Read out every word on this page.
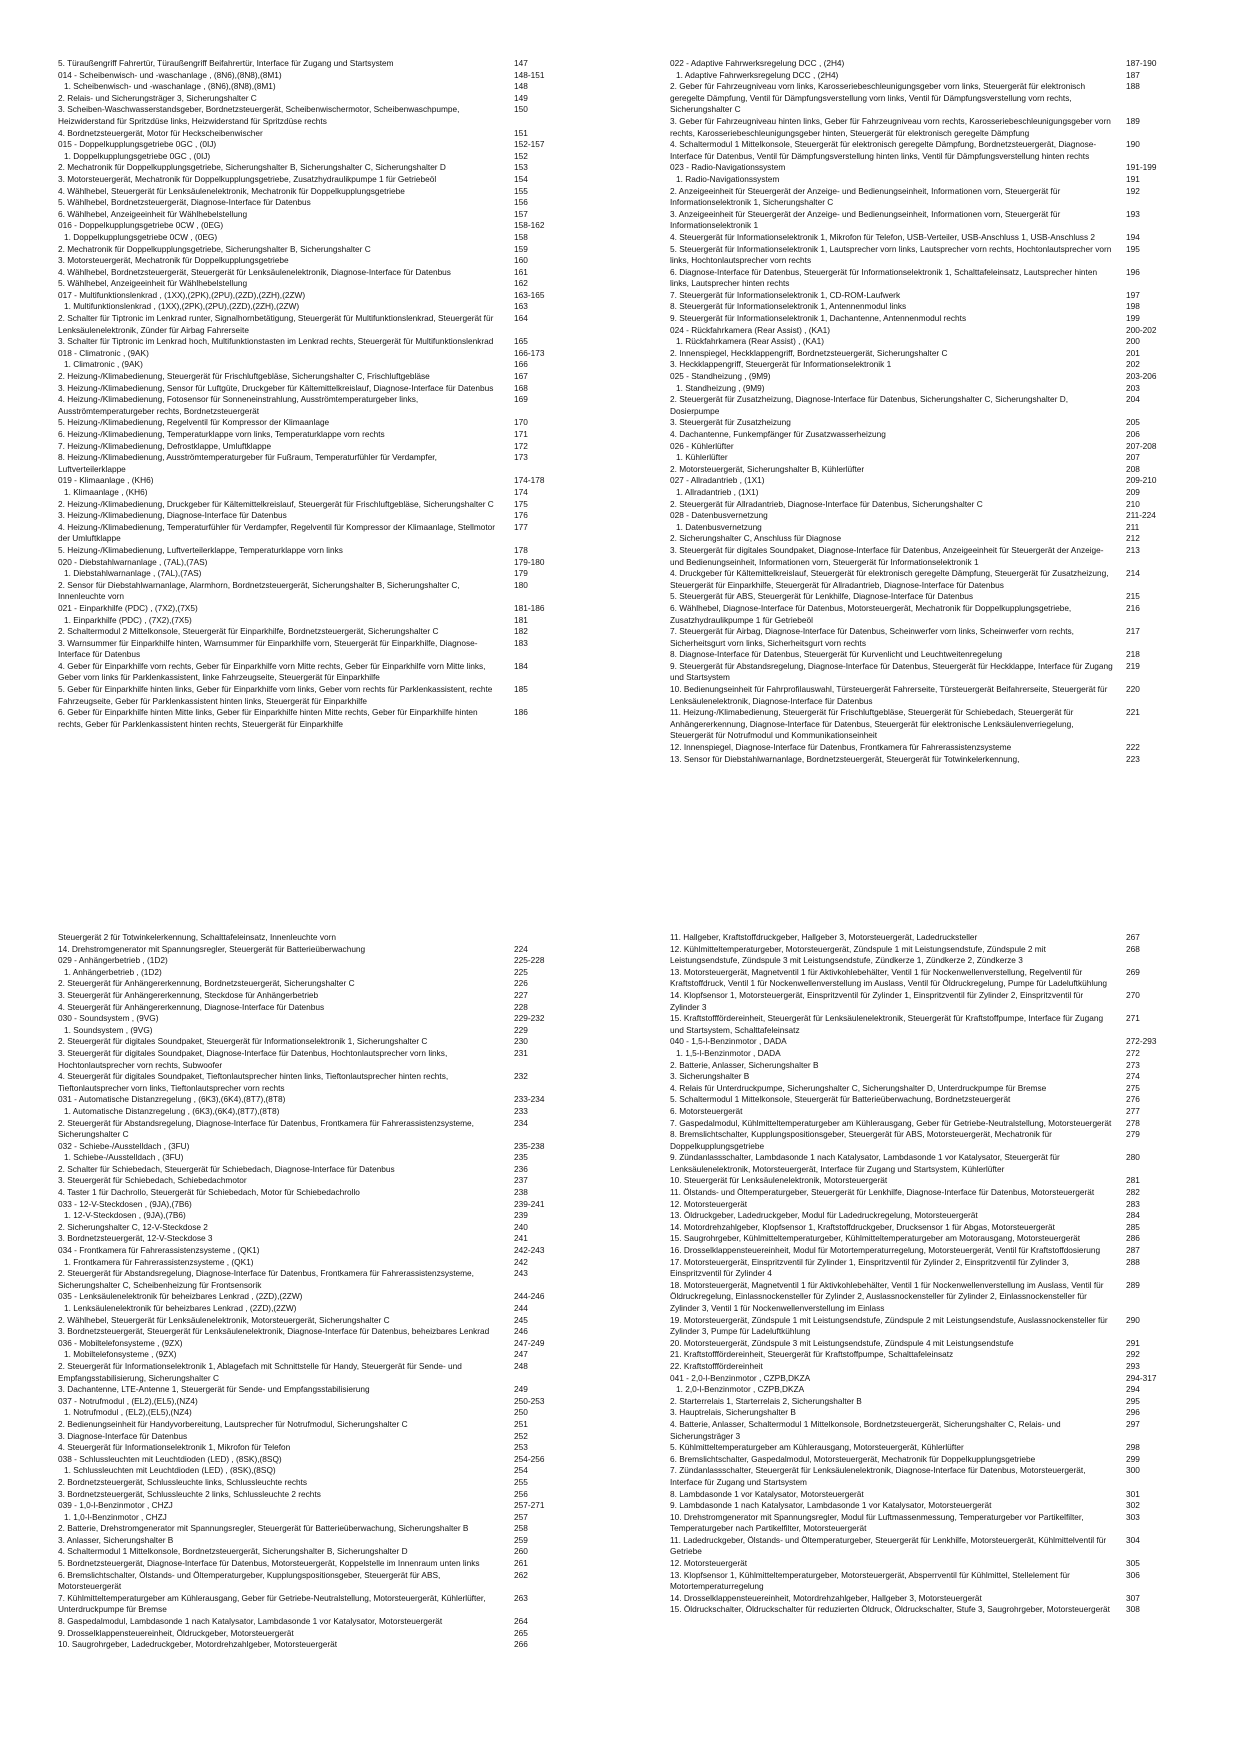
5. Türaußengriff Fahrertür, Türaußengriff Beifahrertür, Interface für Zugang und Startsystem	147
014 - Scheibenwisch- und -waschanlage , (8N6),(8N8),(8M1)	148-151
1. Scheibenwisch- und -waschanlage , (8N6),(8N8),(8M1)	148
2. Relais- und Sicherungsträger 3, Sicherungshalter C	149
3. Scheiben-Waschwasserstandsgeber, Bordnetzsteuergerät, Scheibenwischermotor, Scheibenwaschpumpe, Heizwiderstand für Spritzdüse links, Heizwiderstand für Spritzdüse rechts
150
4. Bordnetzsteuergerät, Motor für Heckscheibenwischer	151
015 - Doppelkupplungsgetriebe 0GC , (0IJ)	152-157
1. Doppelkupplungsgetriebe 0GC , (0IJ)	152
2. Mechatronik für Doppelkupplungsgetriebe, Sicherungshalter B, Sicherungshalter C, Sicherungshalter D	153
3. Motorsteuergerät, Mechatronik für Doppelkupplungsgetriebe, Zusatzhydraulikpumpe 1 für Getriebeöl	154
4. Wählhebel, Steuergerät für Lenksäulenelektronik, Mechatronik für Doppelkupplungsgetriebe	155
5. Wählhebel, Bordnetzsteuergerät, Diagnose-Interface für Datenbus	156
6. Wählhebel, Anzeigeeinheit für Wählhebelstellung	157
016 - Doppelkupplungsgetriebe 0CW , (0EG)	158-162
1. Doppelkupplungsgetriebe 0CW , (0EG)	158
2. Mechatronik für Doppelkupplungsgetriebe, Sicherungshalter B, Sicherungshalter C	159
3. Motorsteuergerät, Mechatronik für Doppelkupplungsgetriebe	160
4. Wählhebel, Bordnetzsteuergerät, Steuergerät für Lenksäulenelektronik, Diagnose-Interface für Datenbus	161
5. Wählhebel, Anzeigeeinheit für Wählhebelstellung	162
017 - Multifunktionslenkrad , (1XX),(2PK),(2PU),(2ZD),(2ZH),(2ZW)	163-165
1. Multifunktionslenkrad , (1XX),(2PK),(2PU),(2ZD),(2ZH),(2ZW)	163
2. Schalter für Tiptronic im Lenkrad runter, Signalhornbetätigung, Steuergerät für Multifunktionslenkrad, Steuergerät für Lenksäulenelektronik, Zünder für Airbag Fahrerseite
164
3. Schalter für Tiptronic im Lenkrad hoch, Multifunktionstasten im Lenkrad rechts, Steuergerät für Multifunktionslenkrad	165
018 - Climatronic , (9AK)	166-173
1. Climatronic , (9AK)	166
2. Heizung-/Klimabedienung, Steuergerät für Frischluftgebläse, Sicherungshalter C, Frischluftgebläse	167
3. Heizung-/Klimabedienung, Sensor für Luftgüte, Druckgeber für Kältemittelkreislauf, Diagnose-Interface für Datenbus	168
4. Heizung-/Klimabedienung, Fotosensor für Sonneneinstrahlung, Ausströmtemperaturgeber links, Ausströmtemperaturgeber rechts, Bordnetzsteuergerät
169
5. Heizung-/Klimabedienung, Regelventil für Kompressor der Klimaanlage	170
6. Heizung-/Klimabedienung, Temperaturklappe vorn links, Temperaturklappe vorn rechts	171
7. Heizung-/Klimabedienung, Defrostklappe, Umluftklappe	172
8. Heizung-/Klimabedienung, Ausströmtemperaturgeber für Fußraum, Temperaturfühler für Verdampfer, Luftverteilerklappe
173
019 - Klimaanlage , (KH6)	174-178
1. Klimaanlage , (KH6)	174
2. Heizung-/Klimabedienung, Druckgeber für Kältemittelkreislauf, Steuergerät für Frischluftgebläse, Sicherungshalter C	175
3. Heizung-/Klimabedienung, Diagnose-Interface für Datenbus	176
4. Heizung-/Klimabedienung, Temperaturfühler für Verdampfer, Regelventil für Kompressor der Klimaanlage, Stellmotor der Umluftklappe
177
5. Heizung-/Klimabedienung, Luftverteilerklappe, Temperaturklappe vorn links	178
020 - Diebstahlwarnanlage , (7AL),(7AS)	179-180
1. Diebstahlwarnanlage , (7AL),(7AS)	179
2. Sensor für Diebstahlwarnanlage, Alarmhorn, Bordnetzsteuergerät, Sicherungshalter B, Sicherungshalter C, Innenleuchte vorn
180
021 - Einparkhilfe (PDC) , (7X2),(7X5)	181-186
1. Einparkhilfe (PDC) , (7X2),(7X5)	181
2. Schaltermodul 2 Mittelkonsole, Steuergerät für Einparkhilfe, Bordnetzsteuergerät, Sicherungshalter C	182
3. Warnsummer für Einparkhilfe hinten, Warnsummer für Einparkhilfe vorn, Steuergerät für Einparkhilfe, Diagnose-Interface für Datenbus
183
4. Geber für Einparkhilfe vorn rechts, Geber für Einparkhilfe vorn Mitte rechts, Geber für Einparkhilfe vorn Mitte links, Geber vorn links für Parklenkassistent, linke Fahrzeugseite, Steuergerät für Einparkhilfe
184
5. Geber für Einparkhilfe hinten links, Geber für Einparkhilfe vorn links, Geber vorn rechts für Parklenkassistent, rechte Fahrzeugseite, Geber für Parklenkassistent hinten links, Steuergerät für Einparkhilfe
185
6. Geber für Einparkhilfe hinten Mitte links, Geber für Einparkhilfe hinten Mitte rechts, Geber für Einparkhilfe hinten rechts, Geber für Parklenkassistent hinten rechts, Steuergerät für Einparkhilfe
186
022 - Adaptive Fahrwerksregelung DCC , (2H4)	187-190
1. Adaptive Fahrwerksregelung DCC , (2H4)	187
2. Geber für Fahrzeugniveau vorn links, Karosseriebeschleunigungsgeber vorn links, Steuergerät für elektronisch geregelte Dämpfung, Ventil für Dämpfungsverstellung vorn links, Ventil für Dämpfungsverstellung vorn rechts, Sicherungshalter C
188
3. Geber für Fahrzeugniveau hinten links, Geber für Fahrzeugniveau vorn rechts, Karosseriebeschleunigungsgeber vorn rechts, Karosseriebeschleunigungsgeber hinten, Steuergerät für elektronisch geregelte Dämpfung
189
4. Schaltermodul 1 Mittelkonsole, Steuergerät für elektronisch geregelte Dämpfung, Bordnetzsteuergerät, Diagnose-Interface für Datenbus, Ventil für Dämpfungsverstellung hinten links, Ventil für Dämpfungsverstellung hinten rechts
190
023 - Radio-Navigationssystem	191-199
1. Radio-Navigationssystem	191
2. Anzeigeeinheit für Steuergerät der Anzeige- und Bedienungseinheit, Informationen vorn, Steuergerät für Informationselektronik 1, Sicherungshalter C
192
3. Anzeigeeinheit für Steuergerät der Anzeige- und Bedienungseinheit, Informationen vorn, Steuergerät für Informationselektronik 1
193
4. Steuergerät für Informationselektronik 1, Mikrofon für Telefon, USB-Verteiler, USB-Anschluss 1, USB-Anschluss 2	194
5. Steuergerät für Informationselektronik 1, Lautsprecher vorn links, Lautsprecher vorn rechts, Hochtonlautsprecher vorn links, Hochtonlautsprecher vorn rechts
195
6. Diagnose-Interface für Datenbus, Steuergerät für Informationselektronik 1, Schalttafeleinsatz, Lautsprecher hinten links, Lautsprecher hinten rechts
196
7. Steuergerät für Informationselektronik 1, CD-ROM-Laufwerk	197
8. Steuergerät für Informationselektronik 1, Antennenmodul links	198
9. Steuergerät für Informationselektronik 1, Dachantenne, Antennenmodul rechts	199
024 - Rückfahrkamera (Rear Assist) , (KA1)	200-202
1. Rückfahrkamera (Rear Assist) , (KA1)	200
2. Innenspiegel, Heckklappengriff, Bordnetzsteuergerät, Sicherungshalter C	201
3. Heckklappengriff, Steuergerät für Informationselektronik 1	202
025 - Standheizung , (9M9)	203-206
1. Standheizung , (9M9)	203
2. Steuergerät für Zusatzheizung, Diagnose-Interface für Datenbus, Sicherungshalter C, Sicherungshalter D, Dosierpumpe
204
3. Steuergerät für Zusatzheizung	205
4. Dachantenne, Funkempfänger für Zusatzwasserheizung	206
026 - Kühlerlüfter	207-208
1. Kühlerlüfter	207
2. Motorsteuergerät, Sicherungshalter B, Kühlerlüfter	208
027 - Allradantrieb , (1X1)	209-210
1. Allradantrieb , (1X1)	209
2. Steuergerät für Allradantrieb, Diagnose-Interface für Datenbus, Sicherungshalter C	210
028 - Datenbusvernetzung	211-224
1. Datenbusvernetzung	211
2. Sicherungshalter C, Anschluss für Diagnose	212
3. Steuergerät für digitales Soundpaket, Diagnose-Interface für Datenbus, Anzeigeeinheit für Steuergerät der Anzeige- und Bedienungseinheit, Informationen vorn, Steuergerät für Informationselektronik 1
213
4. Druckgeber für Kältemittelkreislauf, Steuergerät für elektronisch geregelte Dämpfung, Steuergerät für Zusatzheizung, Steuergerät für Einparkhilfe, Steuergerät für Allradantrieb, Diagnose-Interface für Datenbus
214
5. Steuergerät für ABS, Steuergerät für Lenkhilfe, Diagnose-Interface für Datenbus	215
6. Wählhebel, Diagnose-Interface für Datenbus, Motorsteuergerät, Mechatronik für Doppelkupplungsgetriebe, Zusatzhydraulikpumpe 1 für Getriebeöl
216
7. Steuergerät für Airbag, Diagnose-Interface für Datenbus, Scheinwerfer vorn links, Scheinwerfer vorn rechts, Sicherheitsgurt vorn links, Sicherheitsgurt vorn rechts
217
8. Diagnose-Interface für Datenbus, Steuergerät für Kurvenlicht und Leuchtweitenregelung	218
9. Steuergerät für Abstandsregelung, Diagnose-Interface für Datenbus, Steuergerät für Heckklappe, Interface für Zugang und Startsystem
219
10. Bedienungseinheit für Fahrprofilauswahl, Türsteuergerät Fahrerseite, Türsteuergerät Beifahrerseite, Steuergerät für Lenksäulenelektronik, Diagnose-Interface für Datenbus
220
11. Heizung-/Klimabedienung, Steuergerät für Frischluftgebläse, Steuergerät für Schiebedach, Steuergerät für Anhängererkennung, Diagnose-Interface für Datenbus, Steuergerät für elektronische Lenksäulenverriegelung, Steuergerät für Notrufmodul und Kommunikationseinheit
221
12. Innenspiegel, Diagnose-Interface für Datenbus, Frontkamera für Fahrerassistenzsysteme	222
13. Sensor für Diebstahlwarnanlage, Bordnetzsteuergerät, Steuergerät für Totwinkelerkennung,	223
Steuergerät 2 für Totwinkelerkennung, Schalttafeleinsatz, Innenleuchte vorn
14. Drehstromgenerator mit Spannungsregler, Steuergerät für Batterieüberwachung	224
029 - Anhängerbetrieb , (1D2)	225-228
1. Anhängerbetrieb , (1D2)	225
2. Steuergerät für Anhängererkennung, Bordnetzsteuergerät, Sicherungshalter C	226
3. Steuergerät für Anhängererkennung, Steckdose für Anhängerbetrieb	227
4. Steuergerät für Anhängererkennung, Diagnose-Interface für Datenbus	228
030 - Soundsystem , (9VG)	229-232
1. Soundsystem , (9VG)	229
2. Steuergerät für digitales Soundpaket, Steuergerät für Informationselektronik 1, Sicherungshalter C	230
3. Steuergerät für digitales Soundpaket, Diagnose-Interface für Datenbus, Hochtonlautsprecher vorn links, Hochtonlautsprecher vorn rechts, Subwoofer
231
4. Steuergerät für digitales Soundpaket, Tieftonlautsprecher hinten links, Tieftonlautsprecher hinten rechts, Tieftonlautsprecher vorn links, Tieftonlautsprecher vorn rechts
232
031 - Automatische Distanzregelung , (6K3),(6K4),(8T7),(8T8)	233-234
1. Automatische Distanzregelung , (6K3),(6K4),(8T7),(8T8)	233
2. Steuergerät für Abstandsregelung, Diagnose-Interface für Datenbus, Frontkamera für Fahrerassistenzsysteme, Sicherungshalter C
234
032 - Schiebe-/Ausstelldach , (3FU)	235-238
1. Schiebe-/Ausstelldach , (3FU)	235
2. Schalter für Schiebedach, Steuergerät für Schiebedach, Diagnose-Interface für Datenbus	236
3. Steuergerät für Schiebedach, Schiebedachmotor	237
4. Taster 1 für Dachrollo, Steuergerät für Schiebedach, Motor für Schiebedachrollo	238
033 - 12-V-Steckdosen , (9JA),(7B6)	239-241
1. 12-V-Steckdosen , (9JA),(7B6)	239
2. Sicherungshalter C, 12-V-Steckdose 2	240
3. Bordnetzsteuergerät, 12-V-Steckdose 3	241
034 - Frontkamera für Fahrerassistenzsysteme , (QK1)	242-243
1. Frontkamera für Fahrerassistenzsysteme , (QK1)	242
2. Steuergerät für Abstandsregelung, Diagnose-Interface für Datenbus, Frontkamera für Fahrerassistenzsysteme, Sicherungshalter C, Scheibenheizung für Frontsensorik
243
035 - Lenksäulenelektronik für beheizbares Lenkrad , (2ZD),(2ZW)	244-246
1. Lenksäulenelektronik für beheizbares Lenkrad , (2ZD),(2ZW)	244
2. Wählhebel, Steuergerät für Lenksäulenelektronik, Motorsteuergerät, Sicherungshalter C	245
3. Bordnetzsteuergerät, Steuergerät für Lenksäulenelektronik, Diagnose-Interface für Datenbus, beheizbares Lenkrad	246
036 - Mobiltelefonsysteme , (9ZX)	247-249
1. Mobiltelefonsysteme , (9ZX)	247
2. Steuergerät für Informationselektronik 1, Ablagefach mit Schnittstelle für Handy, Steuergerät für Sende- und Empfangsstabilisierung, Sicherungshalter C
248
3. Dachantenne, LTE-Antenne 1, Steuergerät für Sende- und Empfangsstabilisierung	249
037 - Notrufmodul , (EL2),(EL5),(NZ4)	250-253
1. Notrufmodul , (EL2),(EL5),(NZ4)	250
2. Bedienungseinheit für Handyvorbereitung, Lautsprecher für Notrufmodul, Sicherungshalter C	251
3. Diagnose-Interface für Datenbus	252
4. Steuergerät für Informationselektronik 1, Mikrofon für Telefon	253
038 - Schlussleuchten mit Leuchtdioden (LED) , (8SK),(8SQ)	254-256
1. Schlussleuchten mit Leuchtdioden (LED) , (8SK),(8SQ)	254
2. Bordnetzsteuergerät, Schlussleuchte links, Schlussleuchte rechts	255
3. Bordnetzsteuergerät, Schlussleuchte 2 links, Schlussleuchte 2 rechts	256
039 - 1,0-l-Benzinmotor , CHZJ	257-271
1. 1,0-l-Benzinmotor , CHZJ	257
2. Batterie, Drehstromgenerator mit Spannungsregler, Steuergerät für Batterieüberwachung, Sicherungshalter B	258
3. Anlasser, Sicherungshalter B	259
4. Schaltermodul 1 Mittelkonsole, Bordnetzsteuergerät, Sicherungshalter B, Sicherungshalter D	260
5. Bordnetzsteuergerät, Diagnose-Interface für Datenbus, Motorsteuergerät, Koppelstelle im Innenraum unten links	261
6. Bremslichtschalter, Ölstands- und Öltemperaturgeber, Kupplungspositionsgeber, Steuergerät für ABS, Motorsteuergerät
262
7. Kühlmitteltemperaturgeber am Kühlerausgang, Geber für Getriebe-Neutralstellung, Motorsteuergerät, Kühlerlüfter, Unterdruckpumpe für Bremse
263
8. Gaspedalmodul, Lambdasonde 1 nach Katalysator, Lambdasonde 1 vor Katalysator, Motorsteuergerät	264
9. Drosselklappensteuereinheit, Öldruckgeber, Motorsteuergerät	265
10. Saugrohrgeber, Ladedruckgeber, Motordrehzahlgeber, Motorsteuergerät	266
11. Hallgeber, Kraftstoffdruckgeber, Hallgeber 3, Motorsteuergerät, Ladedrucksteller	267
12. Kühlmitteltemperaturgeber, Motorsteuergerät, Zündspule 1 mit Leistungsendstufe, Zündspule 2 mit Leistungsendstufe, Zündspule 3 mit Leistungsendstufe, Zündkerze 1, Zündkerze 2, Zündkerze 3
268
13. Motorsteuergerät, Magnetventil 1 für Aktivkohlebehälter, Ventil 1 für Nockenwellenverstellung, Regelventil für Kraftstoffdruck, Ventil 1 für Nockenwellenverstellung im Auslass, Ventil für Öldruckregelung, Pumpe für Ladeluftkühlung
269
14. Klopfsensor 1, Motorsteuergerät, Einspritzventil für Zylinder 1, Einspritzventil für Zylinder 2, Einspritzventil für Zylinder 3
270
15. Kraftstofffördereinheit, Steuergerät für Lenksäulenelektronik, Steuergerät für Kraftstoffpumpe, Interface für Zugang und Startsystem, Schalttafeleinsatz
271
040 - 1,5-l-Benzinmotor , DADA	272-293
1. 1,5-l-Benzinmotor , DADA	272
2. Batterie, Anlasser, Sicherungshalter B	273
3. Sicherungshalter B	274
4. Relais für Unterdruckpumpe, Sicherungshalter C, Sicherungshalter D, Unterdruckpumpe für Bremse	275
5. Schaltermodul 1 Mittelkonsole, Steuergerät für Batterieüberwachung, Bordnetzsteuergerät	276
6. Motorsteuergerät	277
7. Gaspedalmodul, Kühlmitteltemperaturgeber am Kühlerausgang, Geber für Getriebe-Neutralstellung, Motorsteuergerät	278
8. Bremslichtschalter, Kupplungspositionsgeber, Steuergerät für ABS, Motorsteuergerät, Mechatronik für Doppelkupplungsgetriebe
279
9. Zündanlassschalter, Lambdasonde 1 nach Katalysator, Lambdasonde 1 vor Katalysator, Steuergerät für Lenksäulenelektronik, Motorsteuergerät, Interface für Zugang und Startsystem, Kühlerlüfter
280
10. Steuergerät für Lenksäulenelektronik, Motorsteuergerät	281
11. Ölstands- und Öltemperaturgeber, Steuergerät für Lenkhilfe, Diagnose-Interface für Datenbus, Motorsteuergerät	282
12. Motorsteuergerät	283
13. Öldruckgeber, Ladedruckgeber, Modul für Ladedruckregelung, Motorsteuergerät	284
14. Motordrehzahlgeber, Klopfsensor 1, Kraftstoffdruckgeber, Drucksensor 1 für Abgas, Motorsteuergerät	285
15. Saugrohrgeber, Kühlmitteltemperaturgeber, Kühlmitteltemperaturgeber am Motorausgang, Motorsteuergerät	286
16. Drosselklappensteuereinheit, Modul für Motortemperaturregelung, Motorsteuergerät, Ventil für Kraftstoffdosierung	287
17. Motorsteuergerät, Einspritzventil für Zylinder 1, Einspritzventil für Zylinder 2, Einspritzventil für Zylinder 3, Einspritzventil für Zylinder 4
288
18. Motorsteuergerät, Magnetventil 1 für Aktivkohlebehälter, Ventil 1 für Nockenwellenverstellung im Auslass, Ventil für Öldruckregelung, Einlassnockensteller für Zylinder 2, Auslassnockensteller für Zylinder 2, Einlassnockensteller für Zylinder 3, Ventil 1 für Nockenwellenverstellung im Einlass
289
19. Motorsteuergerät, Zündspule 1 mit Leistungsendstufe, Zündspule 2 mit Leistungsendstufe, Auslassnockensteller für Zylinder 3, Pumpe für Ladeluftkühlung
290
20. Motorsteuergerät, Zündspule 3 mit Leistungsendstufe, Zündspule 4 mit Leistungsendstufe	291
21. Kraftstofffördereinheit, Steuergerät für Kraftstoffpumpe, Schalttafeleinsatz	292
22. Kraftstofffördereinheit	293
041 - 2,0-l-Benzinmotor , CZPB,DKZA	294-317
1. 2,0-l-Benzinmotor , CZPB,DKZA	294
2. Starterrelais 1, Starterrelais 2, Sicherungshalter B	295
3. Hauptrelais, Sicherungshalter B	296
4. Batterie, Anlasser, Schaltermodul 1 Mittelkonsole, Bordnetzsteuergerät, Sicherungshalter C, Relais- und Sicherungsträger 3
297
5. Kühlmitteltemperaturgeber am Kühlerausgang, Motorsteuergerät, Kühlerlüfter	298
6. Bremslichtschalter, Gaspedalmodul, Motorsteuergerät, Mechatronik für Doppelkupplungsgetriebe	299
7. Zündanlassschalter, Steuergerät für Lenksäulenelektronik, Diagnose-Interface für Datenbus, Motorsteuergerät, Interface für Zugang und Startsystem
300
8. Lambdasonde 1 vor Katalysator, Motorsteuergerät	301
9. Lambdasonde 1 nach Katalysator, Lambdasonde 1 vor Katalysator, Motorsteuergerät	302
10. Drehstromgenerator mit Spannungsregler, Modul für Luftmassenmessung, Temperaturgeber vor Partikelfilter, Temperaturgeber nach Partikelfilter, Motorsteuergerät
303
11. Ladedruckgeber, Ölstands- und Öltemperaturgeber, Steuergerät für Lenkhilfe, Motorsteuergerät, Kühlmittelventil für Getriebe
304
12. Motorsteuergerät	305
13. Klopfsensor 1, Kühlmitteltemperaturgeber, Motorsteuergerät, Absperrventil für Kühlmittel, Stellelement für Motortemperaturregelung
306
14. Drosselklappensteuereinheit, Motordrehzahlgeber, Hallgeber 3, Motorsteuergerät	307
15. Öldruckschalter, Öldruckschalter für reduzierten Öldruck, Öldruckschalter, Stufe 3, Saugrohrgeber, Motorsteuergerät	308
